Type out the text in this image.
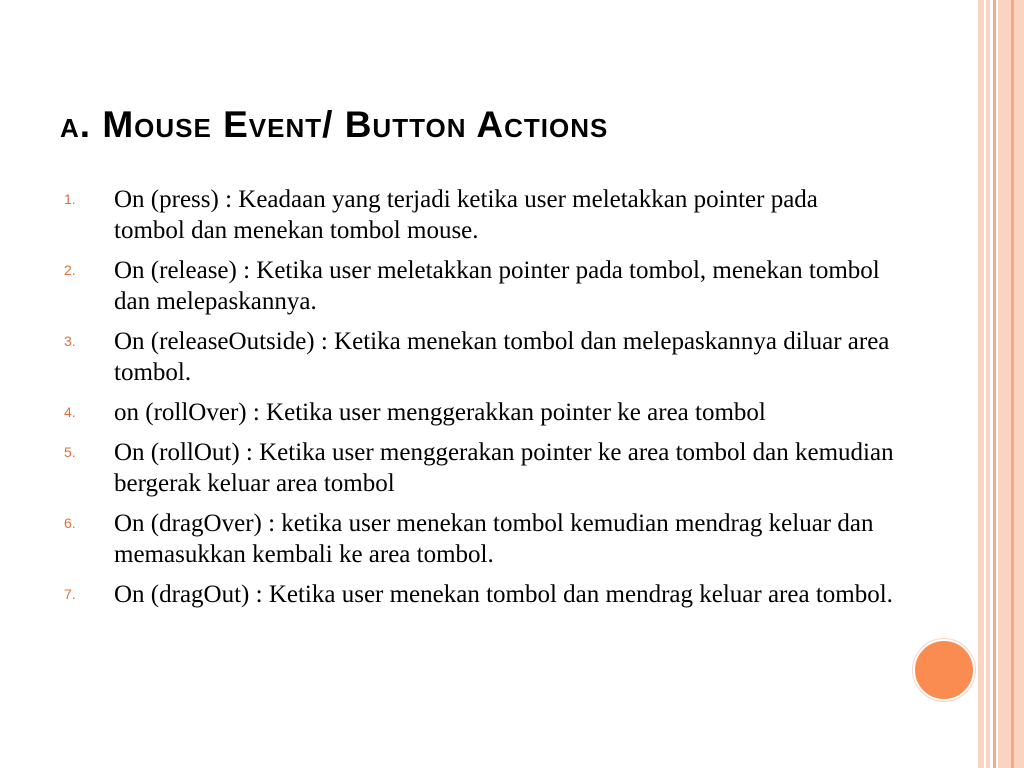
a. Mouse Event/ Button Actions
1. On (press) : Keadaan yang terjadi ketika user meletakkan pointer pada tombol dan menekan tombol mouse.
2. On (release) : Ketika user meletakkan pointer pada tombol, menekan tombol dan melepaskannya.
3. On (releaseOutside) : Ketika menekan tombol dan melepaskannya diluar area tombol.
4. on (rollOver) : Ketika user menggerakkan pointer ke area tombol
5. On (rollOut) : Ketika user menggerakan pointer ke area tombol dan kemudian bergerak keluar area tombol
6. On (dragOver) : ketika user menekan tombol kemudian mendrag keluar dan memasukkan kembali ke area tombol.
7. On (dragOut) : Ketika user menekan tombol dan mendrag keluar area tombol.
